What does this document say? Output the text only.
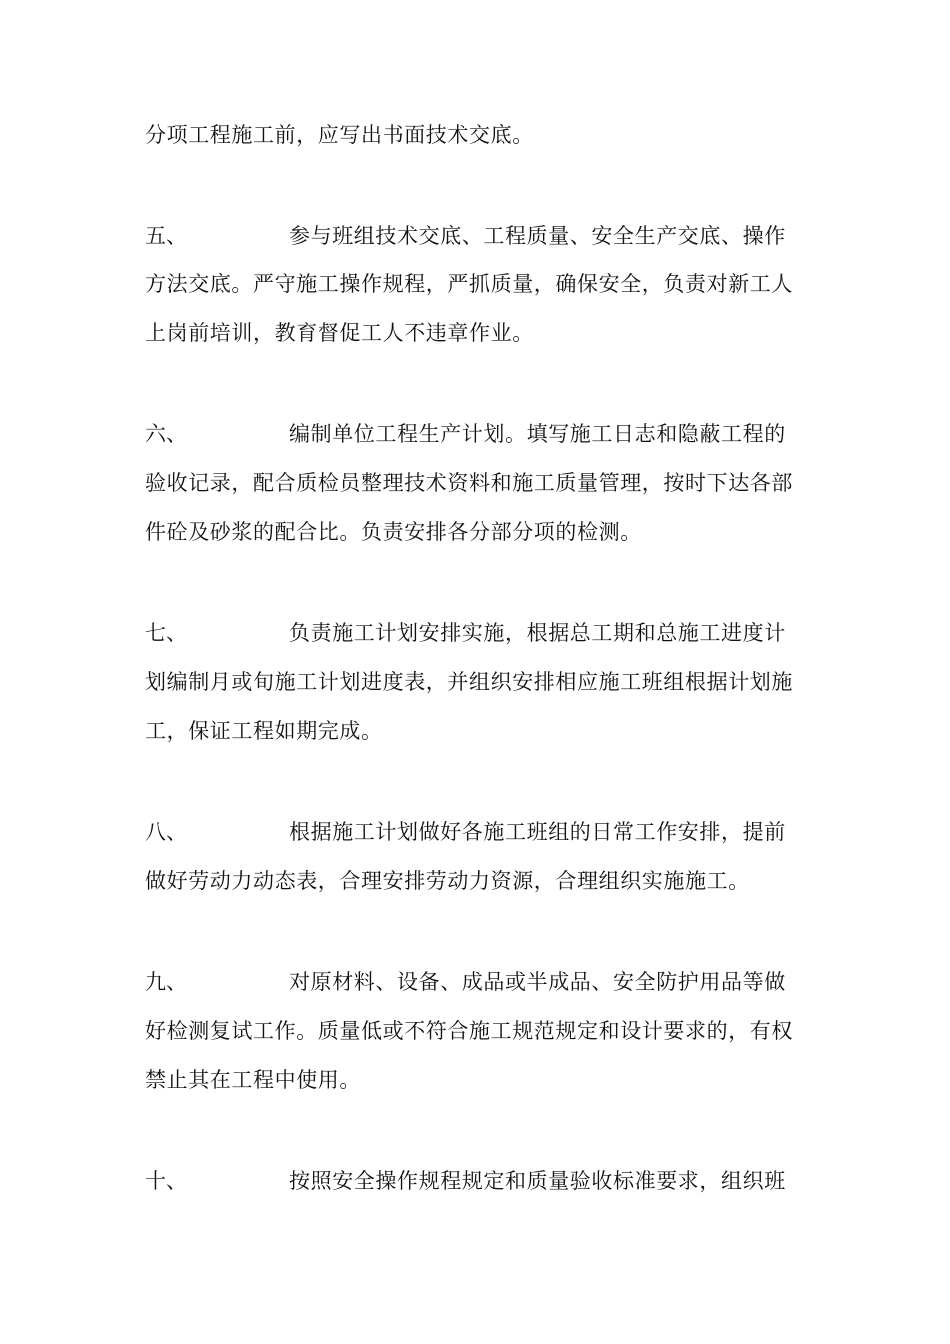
分项工程施工前，应写出书面技术交底。
五、	参与班组技术交底、工程质量、安全生产交底、操作
方法交底。严守施工操作规程，严抓质量，确保安全，负责对新工人
上岗前培训，教育督促工人不违章作业。
六、	编制单位工程生产计划。填写施工日志和隐蔽工程的
验收记录，配合质检员整理技术资料和施工质量管理，按时下达各部
件砼及砂浆的配合比。负责安排各分部分项的检测。
七、	负责施工计划安排实施，根据总工期和总施工进度计
划编制月或旬施工计划进度表，并组织安排相应施工班组根据计划施
工，保证工程如期完成。
八、	根据施工计划做好各施工班组的日常工作安排，提前
做好劳动力动态表，合理安排劳动力资源，合理组织实施施工。
九、	对原材料、设备、成品或半成品、安全防护用品等做
好检测复试工作。质量低或不符合施工规范规定和设计要求的，有权
禁止其在工程中使用。
十、	按照安全操作规程规定和质量验收标准要求，组织班
